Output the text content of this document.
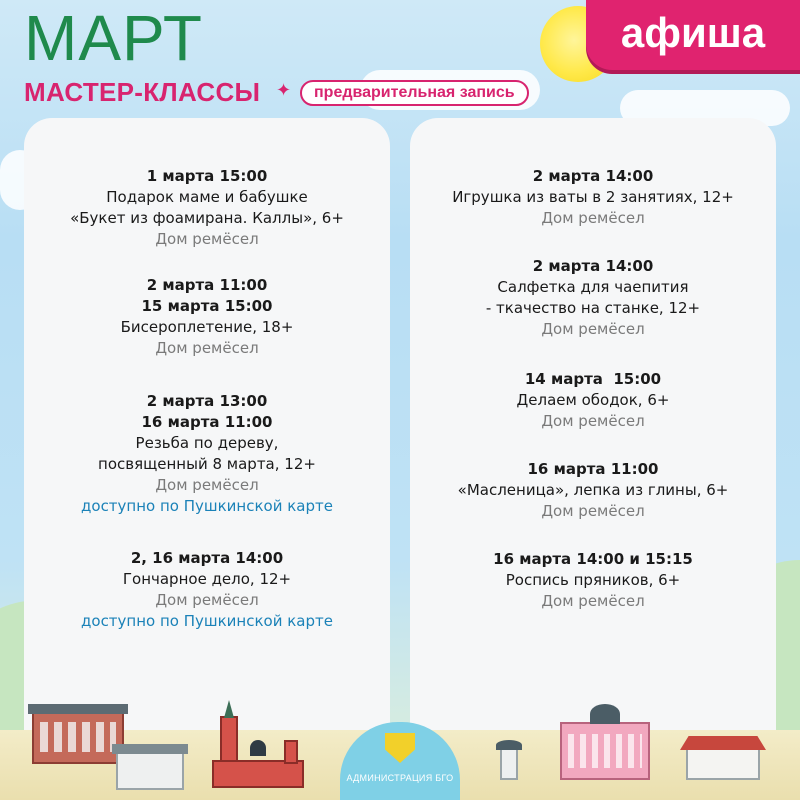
МАРТ
МАСТЕР-КЛАССЫ ✦	предварительная запись
афиша
1 марта 15:00
Подарок маме и бабушке
«Букет из фоамирана. Каллы», 6+
Дом ремёсел
2 марта 11:00
15 марта 15:00
Бисероплетение, 18+
Дом ремёсел
2 марта 13:00
16 марта 11:00
Резьба по дереву,
посвященный 8 марта, 12+
Дом ремёсел
доступно по Пушкинской карте
2, 16 марта 14:00
Гончарное дело, 12+
Дом ремёсел
доступно по Пушкинской карте
2 марта 14:00
Игрушка из ваты в 2 занятиях, 12+
Дом ремёсел
2 марта 14:00
Салфетка для чаепития
- ткачество на станке, 12+
Дом ремёсел
14 марта  15:00
Делаем ободок, 6+
Дом ремёсел
16 марта 11:00
«Масленица», лепка из глины, 6+
Дом ремёсел
16 марта 14:00 и 15:15
Роспись пряников, 6+
Дом ремёсел
АДМИНИСТРАЦИЯ БГО
